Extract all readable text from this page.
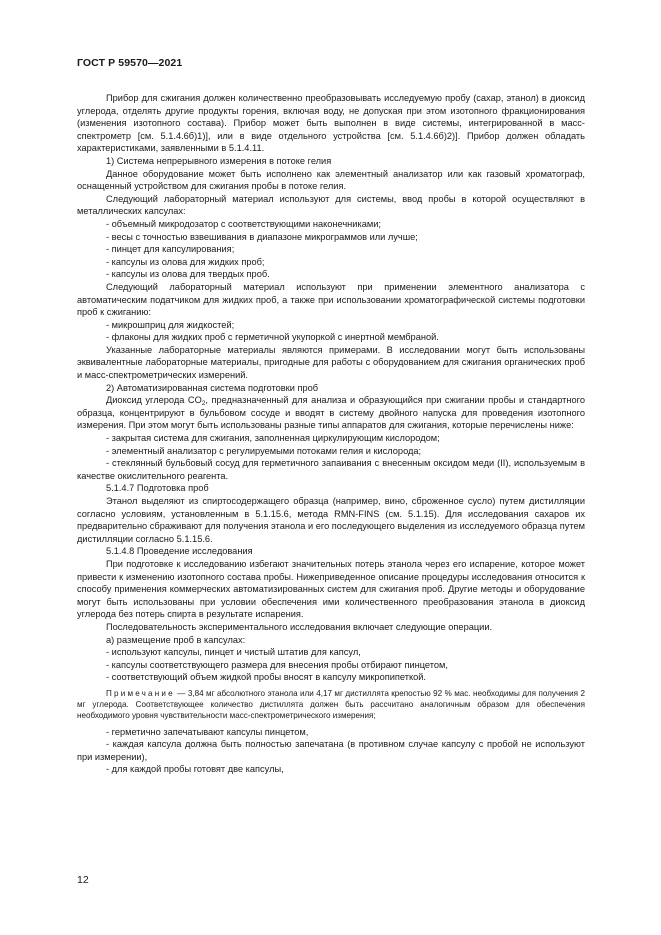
ГОСТ Р 59570—2021

Прибор для сжигания должен количественно преобразовывать исследуемую пробу (сахар, этанол) в диоксид углерода, отделять другие продукты горения, включая воду, не допуская при этом изотопного фракционирования (изменения изотопного состава). Прибор может быть выполнен в виде системы, интегрированной в масс-спектрометр [см. 5.1.4.6б)1)], или в виде отдельного устройства [см. 5.1.4.6б)2)]. Прибор должен обладать характеристиками, заявленными в 5.1.4.11.

1) Система непрерывного измерения в потоке гелия

Данное оборудование может быть исполнено как элементный анализатор или как газовый хроматограф, оснащенный устройством для сжигания пробы в потоке гелия.

Следующий лабораторный материал используют для системы, ввод пробы в которой осуществляют в металлических капсулах:

- объемный микродозатор с соответствующими наконечниками;

- весы с точностью взвешивания в диапазоне микрограммов или лучше;

- пинцет для капсулирования;

- капсулы из олова для жидких проб;

- капсулы из олова для твердых проб.

Следующий лабораторный материал используют при применении элементного анализатора с автоматическим податчиком для жидких проб, а также при использовании хроматографической системы подготовки проб к сжиганию:

- микрошприц для жидкостей;

- флаконы для жидких проб с герметичной укупоркой с инертной мембраной.

Указанные лабораторные материалы являются примерами. В исследовании могут быть использованы эквивалентные лабораторные материалы, пригодные для работы с оборудованием для сжигания органических проб и масс-спектрометрических измерений.

2) Автоматизированная система подготовки проб

Диоксид углерода $CO_2$, предназначенный для анализа и образующийся при сжигании пробы и стандартного образца, концентрируют в бульбовом сосуде и вводят в систему двойного напуска для проведения изотопного измерения. При этом могут быть использованы разные типы аппаратов для сжигания, которые перечислены ниже:

- закрытая система для сжигания, заполненная циркулирующим кислородом;

- элементный анализатор с регулируемыми потоками гелия и кислорода;

- стеклянный бульбовый сосуд для герметичного запаивания с внесенным оксидом меди (II), используемым в качестве окислительного реагента.

5.1.4.7 Подготовка проб

Этанол выделяют из спиртосодержащего образца (например, вино, сброженное сусло) путем дистилляции согласно условиям, установленным в 5.1.15.6, метода RMN-FINS (см. 5.1.15). Для исследования сахаров их предварительно сбраживают для получения этанола и его последующего выделения из исследуемого образца путем дистилляции согласно 5.1.15.6.

5.1.4.8 Проведение исследования

При подготовке к исследованию избегают значительных потерь этанола через его испарение, которое может привести к изменению изотопного состава пробы. Нижеприведенное описание процедуры исследования относится к способу применения коммерческих автоматизированных систем для сжигания проб. Другие методы и оборудование могут быть использованы при условии обеспечения ими количественного преобразования этанола в диоксид углерода без потерь спирта в результате испарения.

Последовательность экспериментального исследования включает следующие операции.

а) размещение проб в капсулах:

- используют капсулы, пинцет и чистый штатив для капсул,

- капсулы соответствующего размера для внесения пробы отбирают пинцетом,

- соответствующий объем жидкой пробы вносят в капсулу микропипеткой.

Примечание — 3,84 мг абсолютного этанола или 4,17 мг дистиллята крепостью 92 % мас. необходимы для получения 2 мг углерода. Соответствующее количество дистиллята должен быть рассчитано аналогичным образом для обеспечения необходимого уровня чувствительности масс-спектрометрического измерения;

- герметично запечатывают капсулы пинцетом,

- каждая капсула должна быть полностью запечатана (в противном случае капсулу с пробой не используют при измерении),

- для каждой пробы готовят две капсулы,

12
